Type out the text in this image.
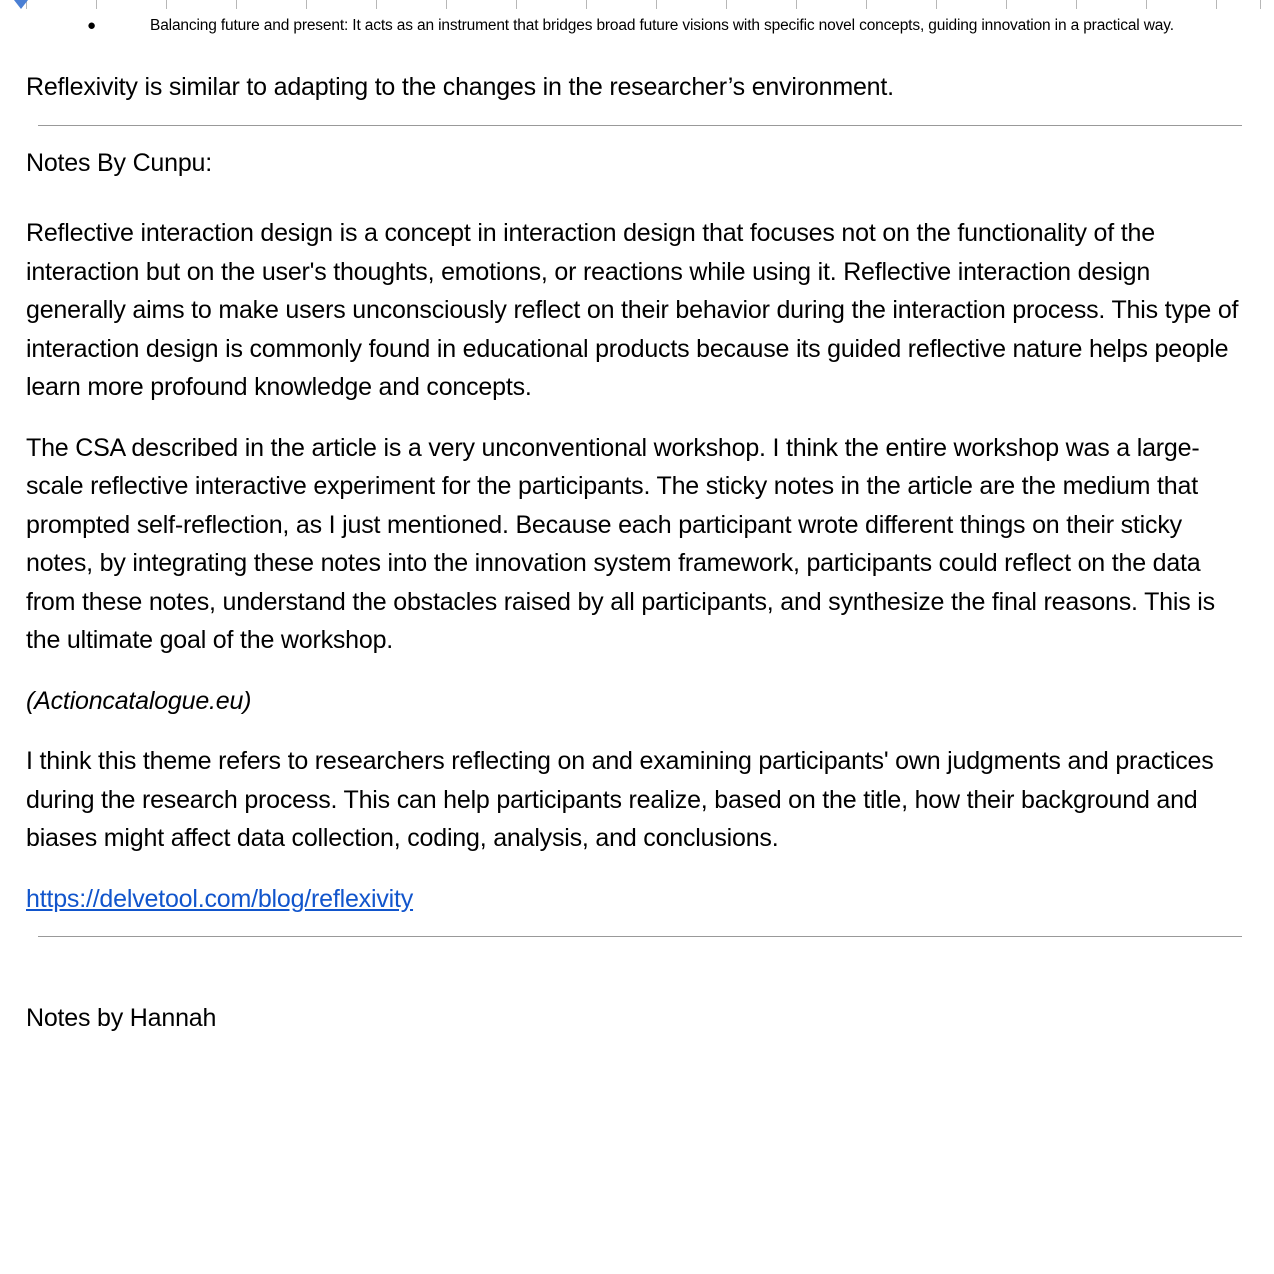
●	Balancing future and present: It acts as an instrument that bridges broad future visions with specific novel concepts, guiding innovation in a practical way.

Reflexivity is similar to adapting to the changes in the researcher’s environment.

Notes By Cunpu:

Reflective interaction design is a concept in interaction design that focuses not on the functionality of the interaction but on the user's thoughts, emotions, or reactions while using it. Reflective interaction design generally aims to make users unconsciously reflect on their behavior during the interaction process. This type of interaction design is commonly found in educational products because its guided reflective nature helps people learn more profound knowledge and concepts.

The CSA described in the article is a very unconventional workshop. I think the entire workshop was a large-scale reflective interactive experiment for the participants. The sticky notes in the article are the medium that prompted self-reflection, as I just mentioned. Because each participant wrote different things on their sticky notes, by integrating these notes into the innovation system framework, participants could reflect on the data from these notes, understand the obstacles raised by all participants, and synthesize the final reasons. This is the ultimate goal of the workshop.

(Actioncatalogue.eu)

I think this theme refers to researchers reflecting on and examining participants' own judgments and practices during the research process. This can help participants realize, based on the title, how their background and biases might affect data collection, coding, analysis, and conclusions.

https://delvetool.com/blog/reflexivity

Notes by Hannah
